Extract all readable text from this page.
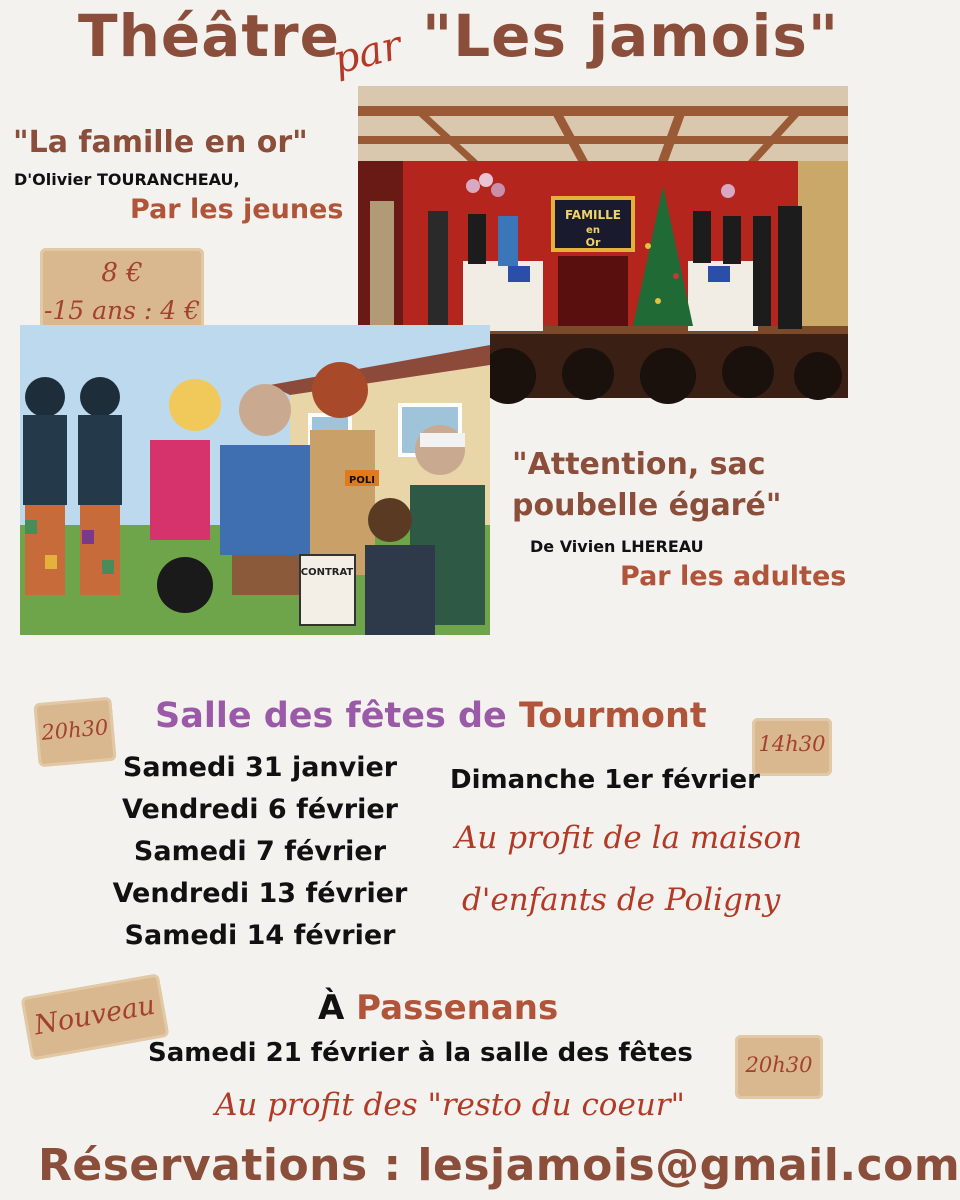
Théâtre
par "Les jamois"
"La famille en or"
D'Olivier TOURANCHEAU,
Par les jeunes	FAMILLE
en
Or
8 €
-15 ans : 4 €
POLI
CONTRAT
"Attention, sac
poubelle égaré"
De Vivien LHEREAU
Par les adultes
Salle des fêtes de Tourmont
20h30	14h30
Samedi 31 janvier
Vendredi 6 février
Samedi 7 février
Vendredi 13 février
Samedi 14 février
Dimanche 1er février
Au profit de la maison
d'enfants de Poligny
Nouveau	À Passenans
Samedi 21 février à la salle des fêtes	20h30
Au profit des "resto du coeur"
Réservations : lesjamois@gmail.com
